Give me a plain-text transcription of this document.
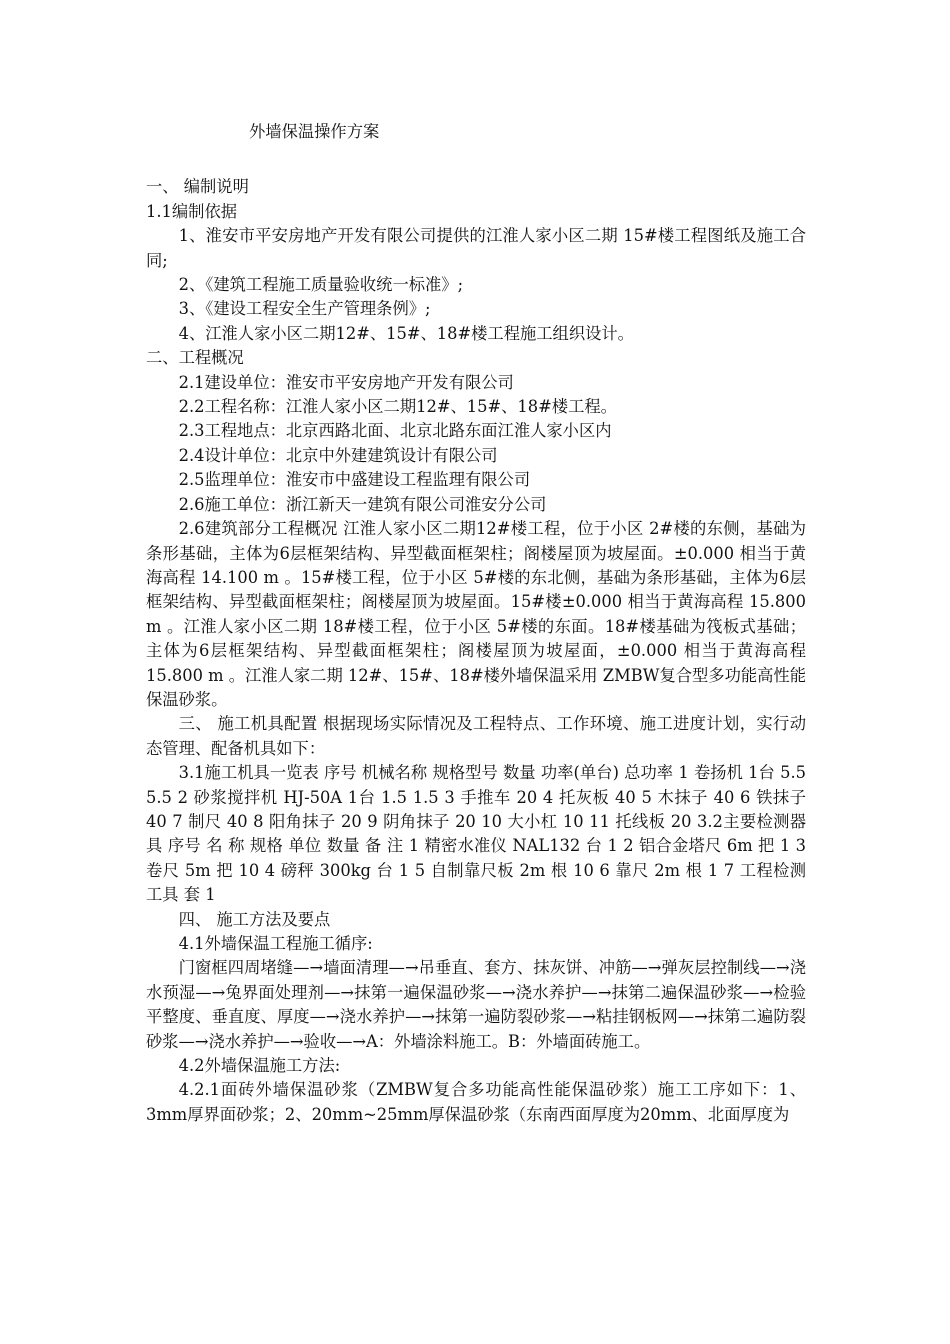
外墙保温操作方案

一、 编制说明

1.1编制依据

1、淮安市平安房地产开发有限公司提供的江淮人家小区二期 15#楼工程图纸及施工合同;

2、《建筑工程施工质量验收统一标准》;

3、《建设工程安全生产管理条例》;

4、江淮人家小区二期12#、15#、18#楼工程施工组织设计。

二、工程概况

2.1建设单位：淮安市平安房地产开发有限公司

2.2工程名称：江淮人家小区二期12#、15#、18#楼工程。

2.3工程地点：北京西路北面、北京北路东面江淮人家小区内

2.4设计单位：北京中外建建筑设计有限公司

2.5监理单位：淮安市中盛建设工程监理有限公司

2.6施工单位：浙江新天一建筑有限公司淮安分公司

2.6建筑部分工程概况 江淮人家小区二期12#楼工程，位于小区 2#楼的东侧，基础为条形基础，主体为6层框架结构、异型截面框架柱；阁楼屋顶为坡屋面。±0.000 相当于黄海高程 14.100 m 。15#楼工程，位于小区 5#楼的东北侧，基础为条形基础，主体为6层框架结构、异型截面框架柱；阁楼屋顶为坡屋面。15#楼±0.000 相当于黄海高程 15.800 m 。江淮人家小区二期 18#楼工程，位于小区 5#楼的东面。18#楼基础为筏板式基础；主体为6层框架结构、异型截面框架柱；阁楼屋顶为坡屋面，±0.000 相当于黄海高程 15.800 m 。江淮人家二期 12#、15#、18#楼外墙保温采用 ZMBW复合型多功能高性能保温砂浆。

三、 施工机具配置 根据现场实际情况及工程特点、工作环境、施工进度计划，实行动态管理、配备机具如下：

3.1施工机具一览表 序号 机械名称 规格型号 数量 功率(单台) 总功率 1 卷扬机 1台 5.5 5.5 2 砂浆搅拌机 HJ-50A 1台 1.5 1.5 3 手推车 20 4 托灰板 40 5 木抹子 40 6 铁抹子 40 7 制尺 40 8 阳角抹子 20 9 阴角抹子 20 10 大小杠 10 11 托线板 20 3.2主要检测器具 序号 名 称 规格 单位 数量 备 注 1 精密水准仪 NAL132 台 1 2 铝合金塔尺 6m 把 1 3 卷尺 5m 把 10 4 磅秤 300kg 台 1 5 自制靠尺板 2m 根 10 6 靠尺 2m 根 1 7 工程检测工具 套 1

四、 施工方法及要点

4.1外墙保温工程施工循序:

门窗框四周堵缝—→墙面清理—→吊垂直、套方、抹灰饼、冲筋—→弹灰层控制线—→浇水预湿—→兔界面处理剂—→抹第一遍保温砂浆—→浇水养护—→抹第二遍保温砂浆—→检验平整度、垂直度、厚度—→浇水养护—→抹第一遍防裂砂浆—→粘挂钢板网—→抹第二遍防裂砂浆—→浇水养护—→验收—→A：外墙涂料施工。B：外墙面砖施工。

4.2外墙保温施工方法:

4.2.1面砖外墙保温砂浆（ZMBW复合多功能高性能保温砂浆）施工工序如下：1、3mm厚界面砂浆；2、20mm~25mm厚保温砂浆（东南西面厚度为20mm、北面厚度为
